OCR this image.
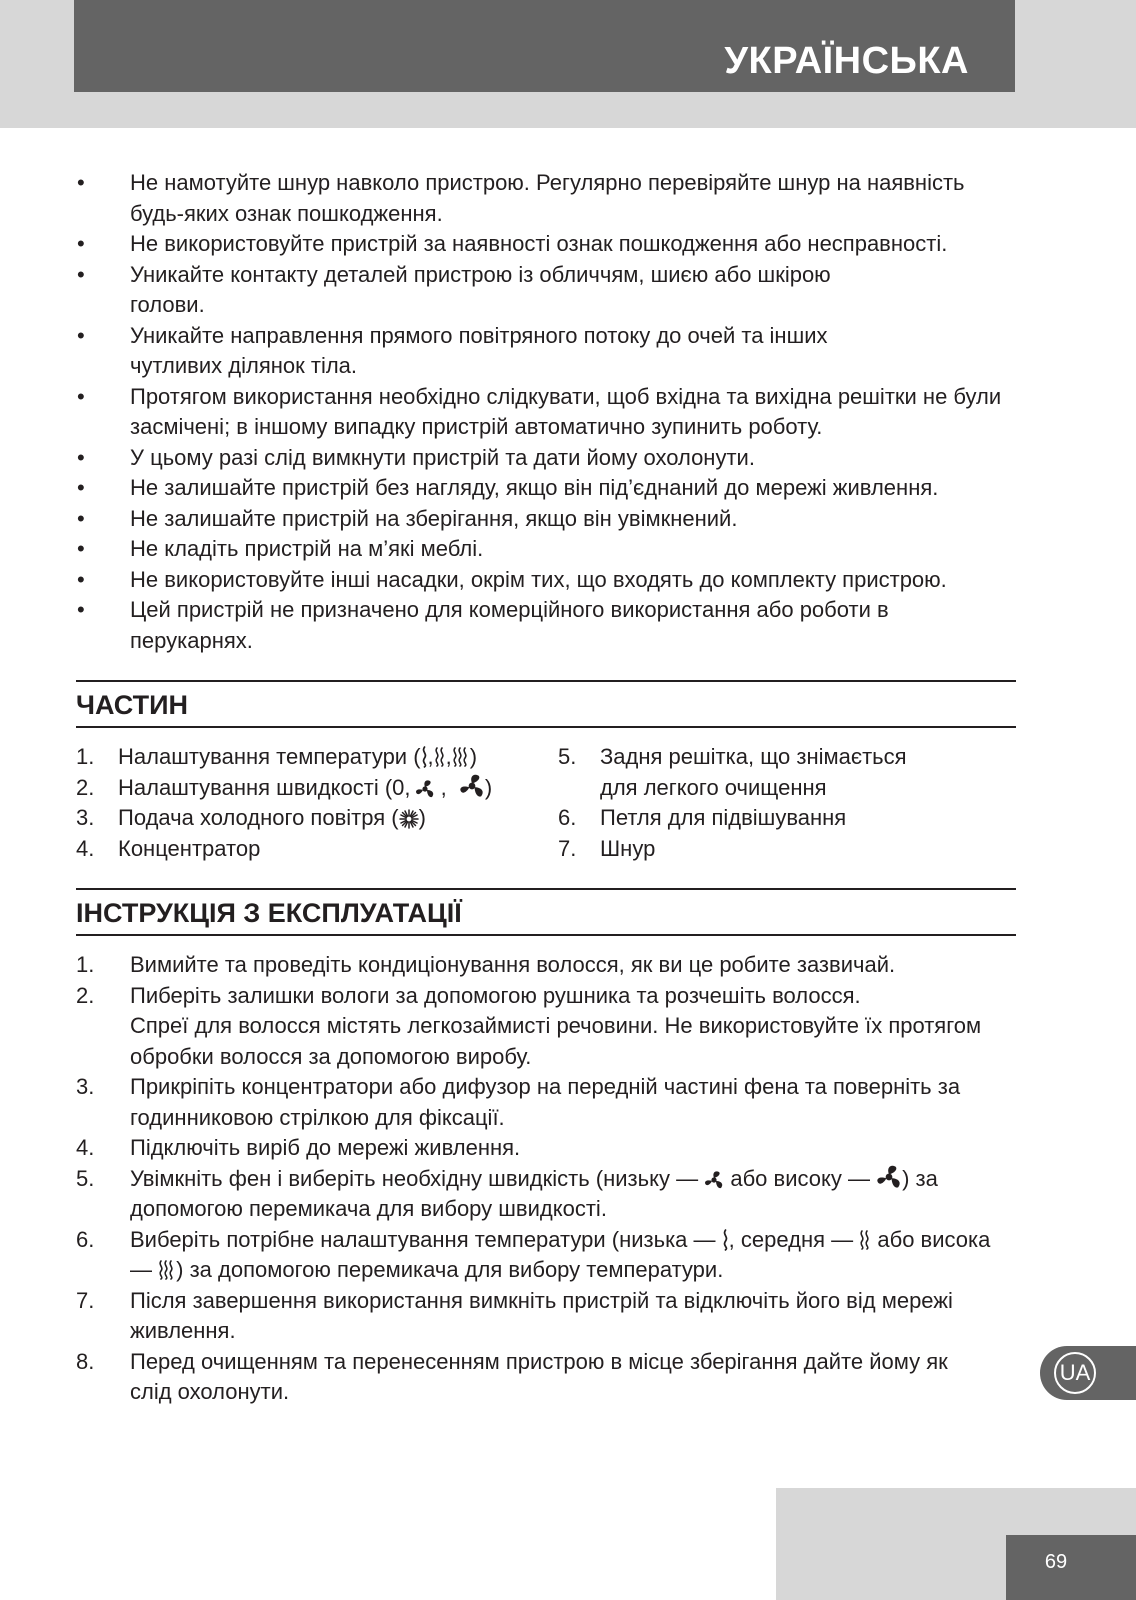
УКРАЇНСЬКА
• Не намотуйте шнур навколо пристрою. Регулярно перевіряйте шнур на наявність будь-яких ознак пошкодження.
• Не використовуйте пристрій за наявності ознак пошкодження або несправності.
• Уникайте контакту деталей пристрою із обличчям, шиєю або шкірою голови.
• Уникайте направлення прямого повітряного потоку до очей та інших чутливих ділянок тіла.
• Протягом використання необхідно слідкувати, щоб вхідна та вихідна решітки не були засмічені; в іншому випадку пристрій автоматично зупинить роботу.
• У цьому разі слід вимкнути пристрій та дати йому охолонути.
• Не залишайте пристрій без нагляду, якщо він під’єднаний до мережі живлення.
• Не залишайте пристрій на зберігання, якщо він увімкнений.
• Не кладіть пристрій на м’які меблі.
• Не використовуйте інші насадки, окрім тих, що входять до комплекту пристрою.
• Цей пристрій не призначено для комерційного використання або роботи в перукарнях.
ЧАСТИН
1. Налаштування температури ( , , )
2. Налаштування швидкості (0, , )
3. Подача холодного повітря ( )
4. Концентратор
5. Задня решітка, що знімається для легкого очищення
6. Петля для підвішування
7. Шнур
ІНСТРУКЦІЯ З ЕКСПЛУАТАЦІЇ
1. Вимийте та проведіть кондиціонування волосся, як ви це робите зазвичай.
2. Пиберіть залишки вологи за допомогою рушника та розчешіть волосся.
Спреї для волосся містять легкозаймисті речовини. Не використовуйте їх протягом обробки волосся за допомогою виробу.
3. Прикріпіть концентратори або дифузор на передній частині фена та поверніть за годинниковою стрілкою для фіксації.
4. Підключіть виріб до мережі живлення.
5. Увімкніть фен і виберіть необхідну швидкість (низьку — або високу — ) за допомогою перемикача для вибору швидкості.
6. Виберіть потрібне налаштування температури (низька — , середня — або висока — ) за допомогою перемикача для вибору температури.
7. Після завершення використання вимкніть пристрій та відключіть його від мережі живлення.
8. Перед очищенням та перенесенням пристрою в місце зберігання дайте йому як слід охолонути.
UA
69
